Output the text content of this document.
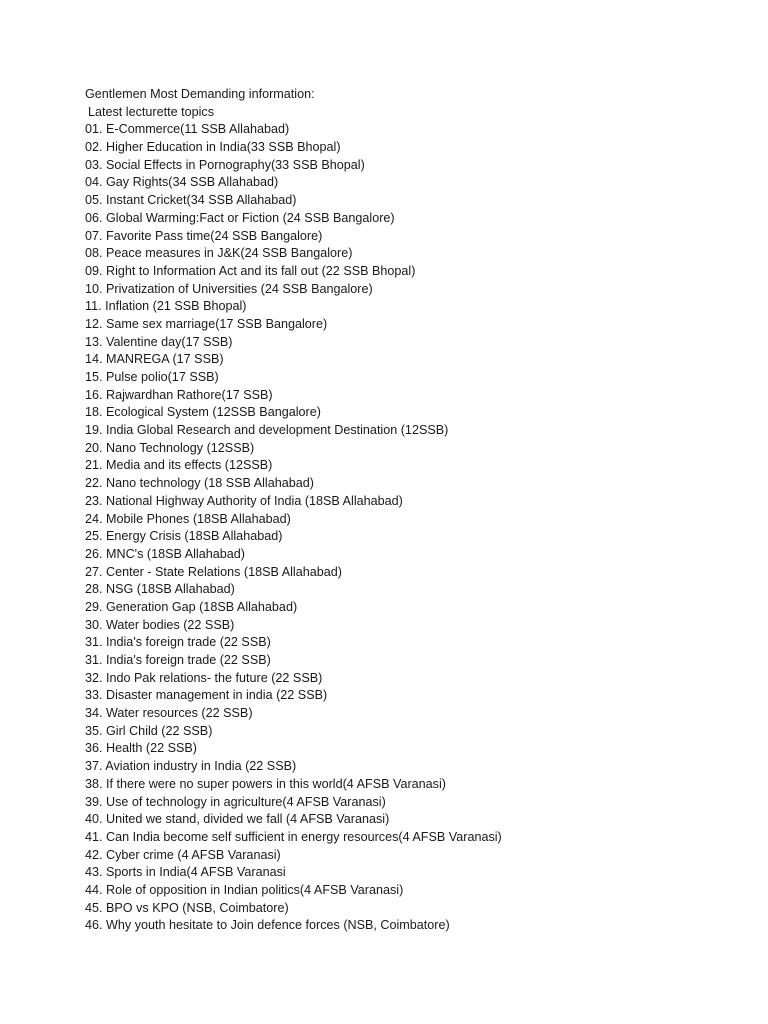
Gentlemen Most Demanding information:
Latest lecturette topics
01. E-Commerce(11 SSB Allahabad)
02. Higher Education in India(33 SSB Bhopal)
03. Social Effects in Pornography(33 SSB Bhopal)
04. Gay Rights(34 SSB Allahabad)
05. Instant Cricket(34 SSB Allahabad)
06. Global Warming:Fact or Fiction (24 SSB Bangalore)
07. Favorite Pass time(24 SSB Bangalore)
08. Peace measures in J&K(24 SSB Bangalore)
09. Right to Information Act and its fall out (22 SSB Bhopal)
10. Privatization of Universities (24 SSB Bangalore)
11. Inflation (21 SSB Bhopal)
12. Same sex marriage(17 SSB Bangalore)
13. Valentine day(17 SSB)
14. MANREGA (17 SSB)
15. Pulse polio(17 SSB)
16. Rajwardhan Rathore(17 SSB)
18. Ecological System (12SSB Bangalore)
19. India Global Research and development Destination (12SSB)
20. Nano Technology (12SSB)
21. Media and its effects (12SSB)
22. Nano technology (18 SSB Allahabad)
23. National Highway Authority of India (18SB Allahabad)
24. Mobile Phones (18SB Allahabad)
25. Energy Crisis (18SB Allahabad)
26. MNC's (18SB Allahabad)
27. Center - State Relations (18SB Allahabad)
28. NSG (18SB Allahabad)
29. Generation Gap (18SB Allahabad)
30. Water bodies (22 SSB)
31. India's foreign trade (22 SSB)
31. India's foreign trade (22 SSB)
32. Indo Pak relations- the future (22 SSB)
33. Disaster management in india (22 SSB)
34. Water resources (22 SSB)
35. Girl Child (22 SSB)
36. Health (22 SSB)
37. Aviation industry in India (22 SSB)
38. If there were no super powers in this world(4 AFSB Varanasi)
39. Use of technology in agriculture(4 AFSB Varanasi)
40. United we stand, divided we fall (4 AFSB Varanasi)
41. Can India become self sufficient in energy resources(4 AFSB Varanasi)
42. Cyber crime (4 AFSB Varanasi)
43. Sports in India(4 AFSB Varanasi
44. Role of opposition in Indian politics(4 AFSB Varanasi)
45. BPO vs KPO (NSB, Coimbatore)
46. Why youth hesitate to Join defence forces (NSB, Coimbatore)
